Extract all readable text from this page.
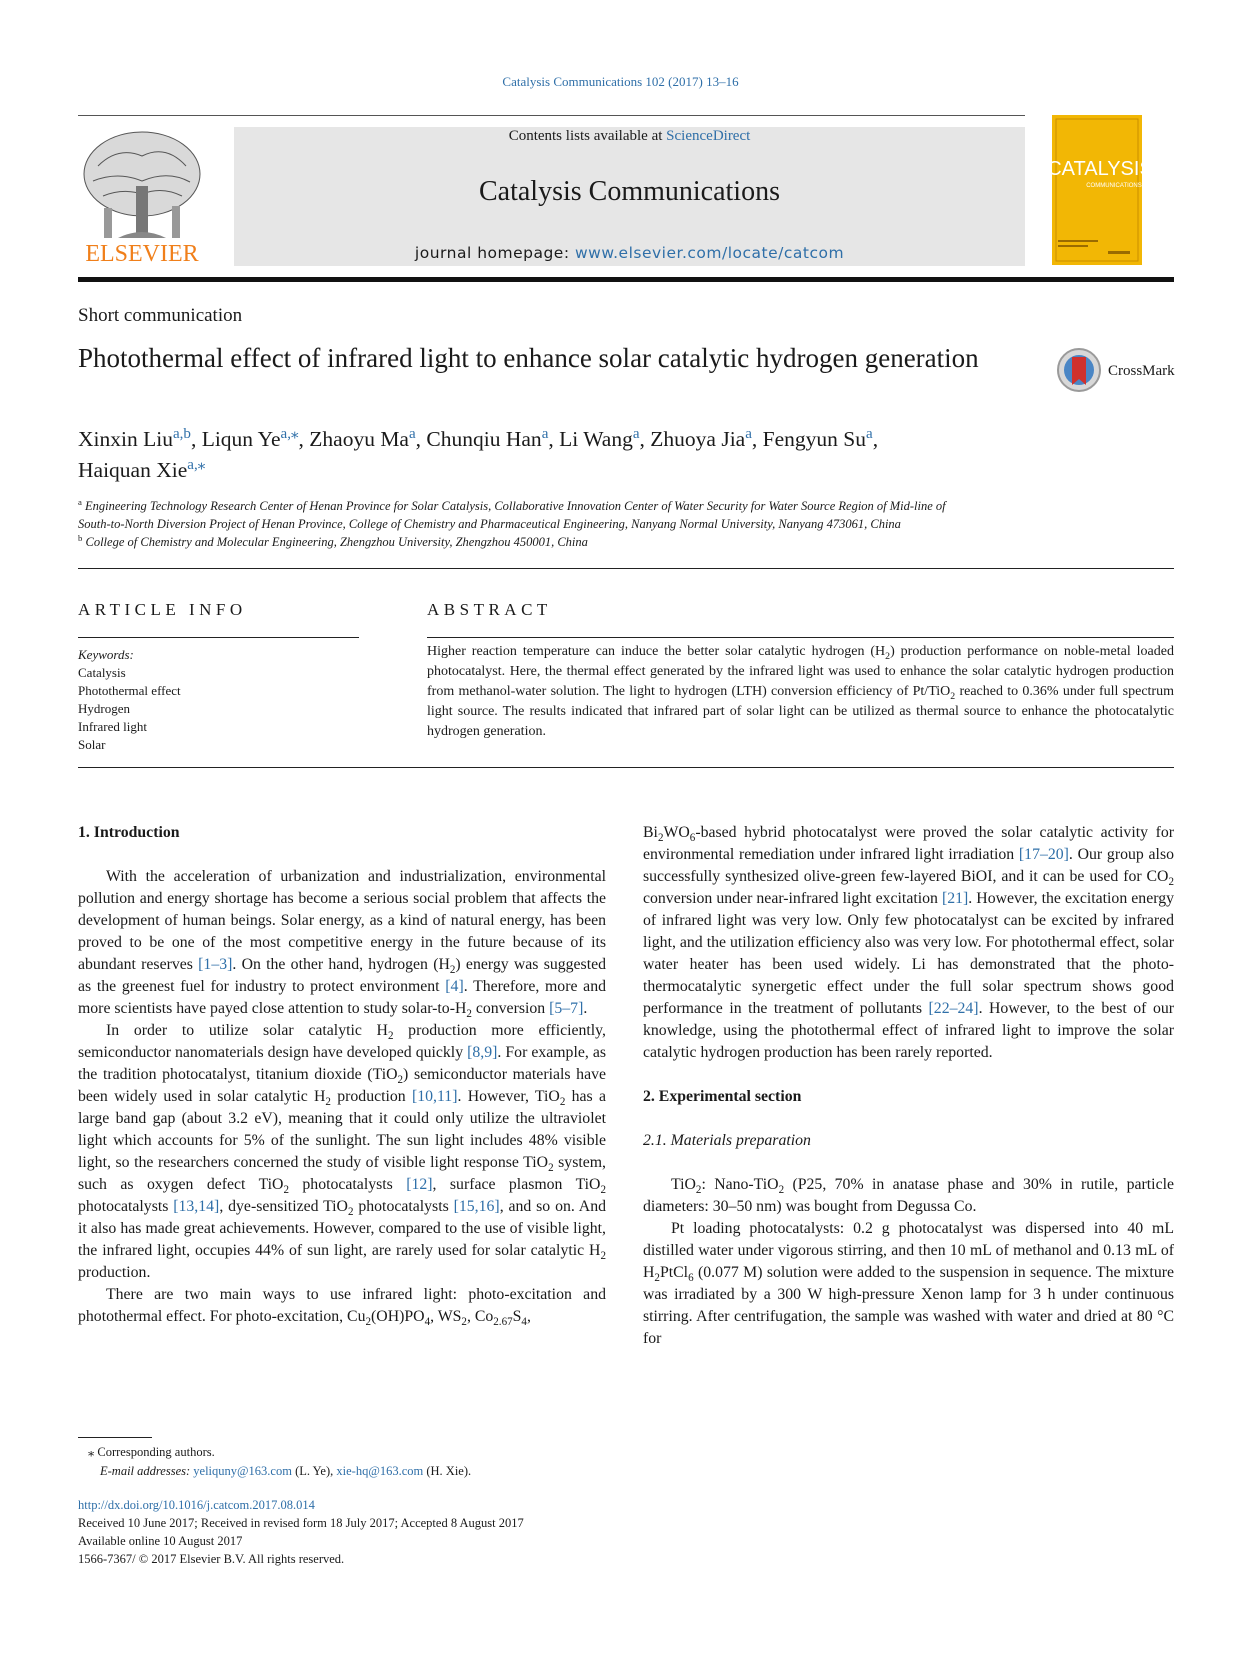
Catalysis Communications 102 (2017) 13–16
ELSEVIER
Contents lists available at ScienceDirect
Catalysis Communications
journal homepage: www.elsevier.com/locate/catcom
CATALYSIS
COMMUNICATIONS
Short communication
Photothermal effect of infrared light to enhance solar catalytic hydrogen generation	CrossMark
Xinxin Liu$^{a,b}$, Liqun $Ye^{a,⁎}$, Zhaoyu Ma$^a$, Chunqiu Han$^a$, Li Wang$^a$, Zhuoya Jia$^a$, Fengyun Su$^a$,
Haiquan Xie$^{a,⁎}$
$^a$ Engineering Technology Research Center of Henan Province for Solar Catalysis, Collaborative Innovation Center of Water Security for Water Source Region of Mid-line of
South-to-North Diversion Project of Henan Province, College of Chemistry and Pharmaceutical Engineering, Nanyang Normal University, Nanyang 473061, China
$^b$ College of Chemistry and Molecular Engineering, Zhengzhou University, Zhengzhou 450001, China
ARTICLE INFO
Keywords:
Catalysis
Photothermal effect
Hydrogen
Infrared light
Solar
ABSTRACT
Higher reaction temperature can induce the better solar catalytic hydrogen $(H_2)$ production performance on noble-metal loaded photocatalyst. Here, the thermal effect generated by the infrared light was used to enhance the solar catalytic hydrogen production from methanol-water solution. The light to hydrogen (LTH) conversion efficiency of Pt/TiO$_2$ reached to 0.36% under full spectrum light source. The results indicated that infrared part of solar light can be utilized as thermal source to enhance the photocatalytic hydrogen generation.
1. Introduction

With the acceleration of urbanization and industrialization, environmental pollution and energy shortage has become a serious social problem that affects the development of human beings. Solar energy, as a kind of natural energy, has been proved to be one of the most competitive energy in the future because of its abundant reserves [1–3]. On the other hand, hydrogen $(H_2)$ energy was suggested as the greenest fuel for industry to protect environment [4]. Therefore, more and more scientists have payed close attention to study solar-$to-H_2$ conversion [5–7].

In order to utilize solar catalytic $H_2$ production more efficiently, semiconductor nanomaterials design have developed quickly [8,9]. For example, as the tradition photocatalyst, titanium dioxide (TiO$_2$) semiconductor materials have been widely used in solar catalytic $H_2$ production [10,11]. However, TiO$_2$ has a large band gap (about 3.2 eV), meaning that it could only utilize the ultraviolet light which accounts for 5% of the sunlight. The sun light includes 48% visible light, so the researchers concerned the study of visible light response TiO$_2$ system, such as oxygen defect TiO$_2$ photocatalysts [12], surface plasmon TiO$_2$ photocatalysts [13,14], dye-sensitized TiO$_2$ photocatalysts [15,16], and so on. And it also has made great achievements. However, compared to the use of visible light, the infrared light, occupies 44% of sun light, are rarely used for solar catalytic $H_2$ production.

There are two main ways to use infrared light: photo-excitation and photothermal effect. For photo-excitation, $Cu_2(OH)PO_4$, $WS_2$, $Co_{2.67}S_4$,

$Bi_2WO_6$-based hybrid photocatalyst were proved the solar catalytic activity for environmental remediation under infrared light irradiation [17–20]. Our group also successfully synthesized olive-green few-layered BiOI, and it can be used for $CO_2$ conversion under near-infrared light excitation [21]. However, the excitation energy of infrared light was very low. Only few photocatalyst can be excited by infrared light, and the utilization efficiency also was very low. For photothermal effect, solar water heater has been used widely. Li has demonstrated that the photo-thermocatalytic synergetic effect under the full solar spectrum shows good performance in the treatment of pollutants [22–24]. However, to the best of our knowledge, using the photothermal effect of infrared light to improve the solar catalytic hydrogen production has been rarely reported.

2. Experimental section
2.1. Materials preparation

TiO$_2$: Nano-TiO$_2$ (P25, 70% in anatase phase and 30% in rutile, particle diameters: 30–50 nm) was bought from Degussa Co.

Pt loading photocatalysts: 0.2 g photocatalyst was dispersed into 40 mL distilled water under vigorous stirring, and then 10 mL of methanol and 0.13 mL of $H_2PtCl_6$ (0.077 M) solution were added to the suspension in sequence. The mixture was irradiated by a 300 W high-pressure Xenon lamp for 3 h under continuous stirring. After centrifugation, the sample was washed with water and dried at 80 °C for

⁎ Corresponding authors.
E-mail addresses: yeliquny@163.com (L. Ye), xie-hq@163.com (H. Xie).
http://dx.doi.org/10.1016/j.catcom.2017.08.014
Received 10 June 2017; Received in revised form 18 July 2017; Accepted 8 August 2017
Available online 10 August 2017
1566-7367/ © 2017 Elsevier B.V. All rights reserved.
